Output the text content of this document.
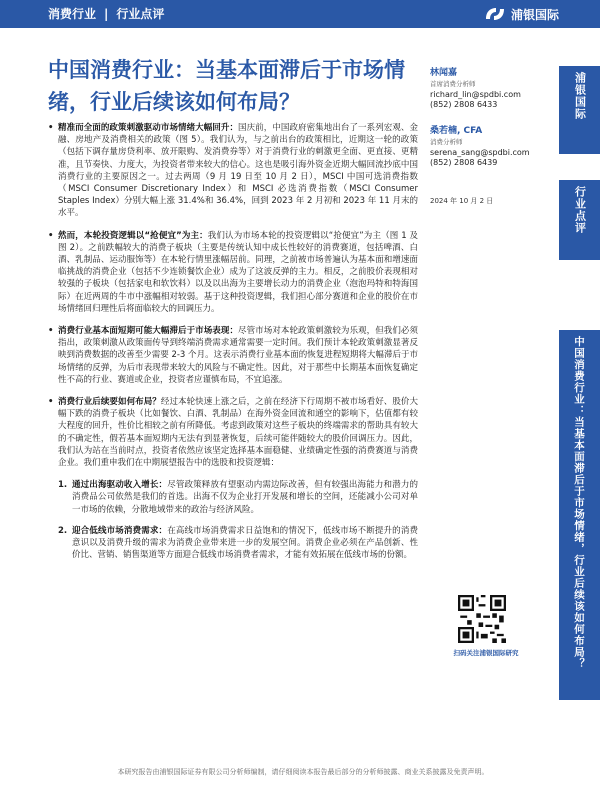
消费行业 | 行业点评	浦银国际
中国消费行业：当基本面滞后于市场情绪，行业后续该如何布局？
林闻嘉
首席消费分析师
richard_lin@spdbi.com
(852) 2808 6433
桑若楠, CFA
消费分析师
serena_sang@spdbi.com
(852) 2808 6439
2024 年 10 月 2 日
浦银国际
行业点评
中国消费行业：当基本面滞后于市场情绪，行业后续该如何布局？
扫码关注浦银国际研究

• 精准而全面的政策刺激驱动市场情绪大幅回升：国庆前，中国政府密集地出台了一系列宏观、金融、房地产及消费相关的政策（图 5）。我们认为，与之前出台的政策相比，近期这一轮的政策（包括下调存量房贷利率、放开限购、发消费券等）对于消费行业的刺激更全面、更直接、更精准，且节奏快、力度大，为投资者带来较大的信心。这也是吸引海外资金近期大幅回流抄底中国消费行业的主要原因之一。过去两周（9 月 19 日至 10 月 2 日），MSCI 中国可选消费指数（MSCI Consumer Discretionary Index）和 MSCI 必选消费指数（MSCI Consumer Staples Index）分别大幅上涨 31.4%和 36.4%，回到 2023 年 2 月初和 2023 年 11 月末的水平。

• 然而，本轮投资逻辑以“抢便宜”为主：我们认为市场本轮的投资逻辑以“抢便宜”为主（图 1 及图 2）。之前跌幅较大的消费子板块（主要是传统认知中成长性较好的消费赛道，包括啤酒、白酒、乳制品、运动服饰等）在本轮行情里涨幅居前。同理，之前被市场普遍认为基本面和增速面临挑战的消费企业（包括不少连锁餐饮企业）成为了这波反弹的主力。相反，之前股价表现相对较强的子板块（包括家电和软饮料）以及以出海为主要增长动力的消费企业（泡泡玛特和特海国际）在近两周的牛市中涨幅相对较弱。基于这种投资逻辑，我们担心部分赛道和企业的股价在市场情绪回归理性后将面临较大的回调压力。

• 消费行业基本面短期可能大幅滞后于市场表现：尽管市场对本轮政策刺激较为乐观，但我们必须指出，政策刺激从政策面传导到终端消费需求通常需要一定时间。我们预计本轮政策刺激显著反映到消费数据的改善至少需要 2-3 个月。这表示消费行业基本面的恢复进程短期将大幅滞后于市场情绪的反弹，为后市表现带来较大的风险与不确定性。因此，对于那些中长期基本面恢复确定性不高的行业、赛道或企业，投资者应谨慎布局，不宜追涨。

• 消费行业后续要如何布局？经过本轮快速上涨之后，之前在经济下行周期不被市场看好、股价大幅下跌的消费子板块（比如餐饮、白酒、乳制品）在海外资金回流和通空的影响下，估值都有较大程度的回升，性价比相较之前有所降低。考虑到政策对这些子板块的终端需求的帮助具有较大的不确定性，假若基本面短期内无法有到显著恢复，后续可能伴随较大的股价回调压力。因此，我们认为站在当前时点，投资者依然应该坚定选择基本面稳健、业绩确定性强的消费赛道与消费企业。我们重申我们在中期展望报告中的选股和投资逻辑：

1. 通过出海驱动收入增长：尽管政策释放有望驱动内需边际改善，但有较强出海能力和潜力的消费品公司依然是我们的首选。出海不仅为企业打开发展和增长的空间，还能减小公司对单一市场的依赖，分散地域带来的政治与经济风险。

2. 迎合低线市场消费需求：在高线市场消费需求日益饱和的情况下，低线市场不断提升的消费意识以及消费升级的需求为消费企业带来进一步的发展空间。消费企业必须在产品创新、性价比、营销、销售渠道等方面迎合低线市场消费者需求，才能有效拓展在低线市场的份额。

本研究报告由浦银国际证券有限公司分析师编制，请仔细阅读本报告最后部分的分析师披露、商业关系披露及免责声明。
